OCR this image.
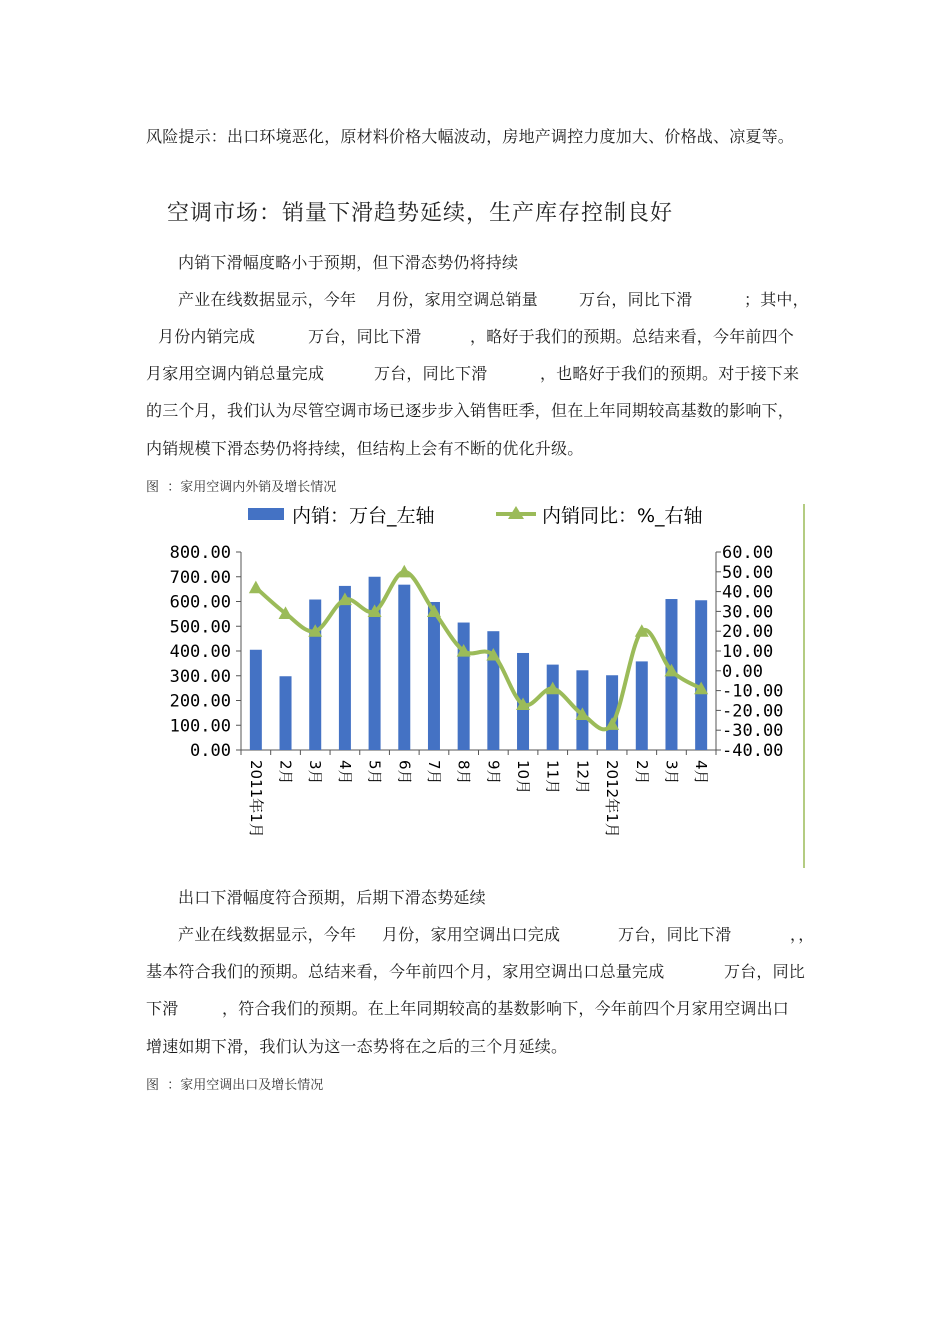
风险提示：出口环境恶化，原材料价格大幅波动，房地产调控力度加大、价格战、凉夏等。
空调市场：销量下滑趋势延续，生产库存控制良好
内销下滑幅度略小于预期，但下滑态势仍将持续
产业在线数据显示，今年 月份，家用空调总销量	万台，同比下滑	；其中，
月份内销完成	万台，同比下滑	，略好于我们的预期。总结来看，今年前四个
月家用空调内销总量完成	万台，同比下滑	，也略好于我们的预期。对于接下来
的三个月，我们认为尽管空调市场已逐步步入销售旺季，但在上年同期较高基数的影响下，
内销规模下滑态势仍将持续，但结构上会有不断的优化升级。
图  ：家用空调内外销及增长情况
内销：万台_左轴	内销同比：%_右轴
0.00
100.00
200.00
300.00
400.00
500.00
600.00
700.00
800.00
-40.00
-30.00
-20.00
-10.00
0.00
10.00
20.00
30.00
40.00
50.00
60.00
2011年1月 2月 3月 4月 5月 6月 7月 8月 9月 10月 11月 12月 2012年1月 2月 3月 4月
出口下滑幅度符合预期，后期下滑态势延续
产业在线数据显示，今年 月份，家用空调出口完成	万台，同比下滑	，，
基本符合我们的预期。总结来看，今年前四个月，家用空调出口总量完成	万台，同比
下滑	，符合我们的预期。在上年同期较高的基数影响下，今年前四个月家用空调出口
增速如期下滑，我们认为这一态势将在之后的三个月延续。
图  ：家用空调出口及增长情况
